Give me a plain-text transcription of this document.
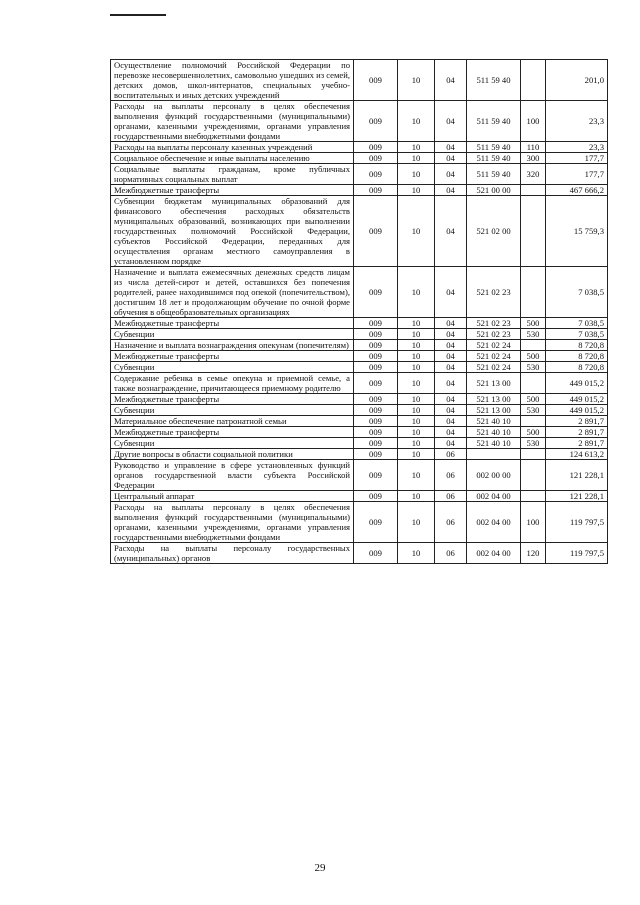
Осуществление полномочий Российской Федерации по перевозке несовершеннолетних, самовольно ушедших из семей, детских домов, школ-интернатов, специальных учебно-воспитательных и иных детских учреждений	009	10	04	511 59 40		201,0
Расходы на выплаты персоналу в целях обеспечения выполнения функций государственными (муниципальными) органами, казенными учреждениями, органами управления государственными внебюджетными фондами	009	10	04	511 59 40	100	23,3
Расходы на выплаты персоналу казенных учреждений	009	10	04	511 59 40	110	23,3
Социальное обеспечение и иные выплаты населению	009	10	04	511 59 40	300	177,7
Социальные выплаты гражданам, кроме публичных нормативных социальных выплат	009	10	04	511 59 40	320	177,7
Межбюджетные трансферты	009	10	04	521 00 00		467 666,2
Субвенции бюджетам муниципальных образований для финансового обеспечения расходных обязательств муниципальных образований, возникающих при выполнении государственных полномочий Российской Федерации, субъектов Российской Федерации, переданных для осуществления органам местного самоуправления в установленном порядке	009	10	04	521 02 00		15 759,3
Назначение и выплата ежемесячных денежных средств лицам из числа детей-сирот и детей, оставшихся без попечения родителей, ранее находившимся под опекой (попечительством), достигшим 18 лет и продолжающим обучение по очной форме обучения в общеобразовательных организациях	009	10	04	521 02 23		7 038,5
Межбюджетные трансферты	009	10	04	521 02 23	500	7 038,5
Субвенции	009	10	04	521 02 23	530	7 038,5
Назначение и выплата вознаграждения опекунам (попечителям)	009	10	04	521 02 24		8 720,8
Межбюджетные трансферты	009	10	04	521 02 24	500	8 720,8
Субвенции	009	10	04	521 02 24	530	8 720,8
Содержание ребенка в семье опекуна и приемной семье, а также вознаграждение, причитающееся приемному родителю	009	10	04	521 13 00		449 015,2
Межбюджетные трансферты	009	10	04	521 13 00	500	449 015,2
Субвенции	009	10	04	521 13 00	530	449 015,2
Материальное обеспечение патронатной семьи	009	10	04	521 40 10		2 891,7
Межбюджетные трансферты	009	10	04	521 40 10	500	2 891,7
Субвенции	009	10	04	521 40 10	530	2 891,7
Другие вопросы в области социальной политики	009	10	06			124 613,2
Руководство и управление в сфере установленных функций органов государственной власти субъекта Российской Федерации	009	10	06	002 00 00		121 228,1
Центральный аппарат	009	10	06	002 04 00		121 228,1
Расходы на выплаты персоналу в целях обеспечения выполнения функций государственными (муниципальными) органами, казенными учреждениями, органами управления государственными внебюджетными фондами	009	10	06	002 04 00	100	119 797,5
Расходы на выплаты персоналу государственных (муниципальных) органов	009	10	06	002 04 00	120	119 797,5
29
